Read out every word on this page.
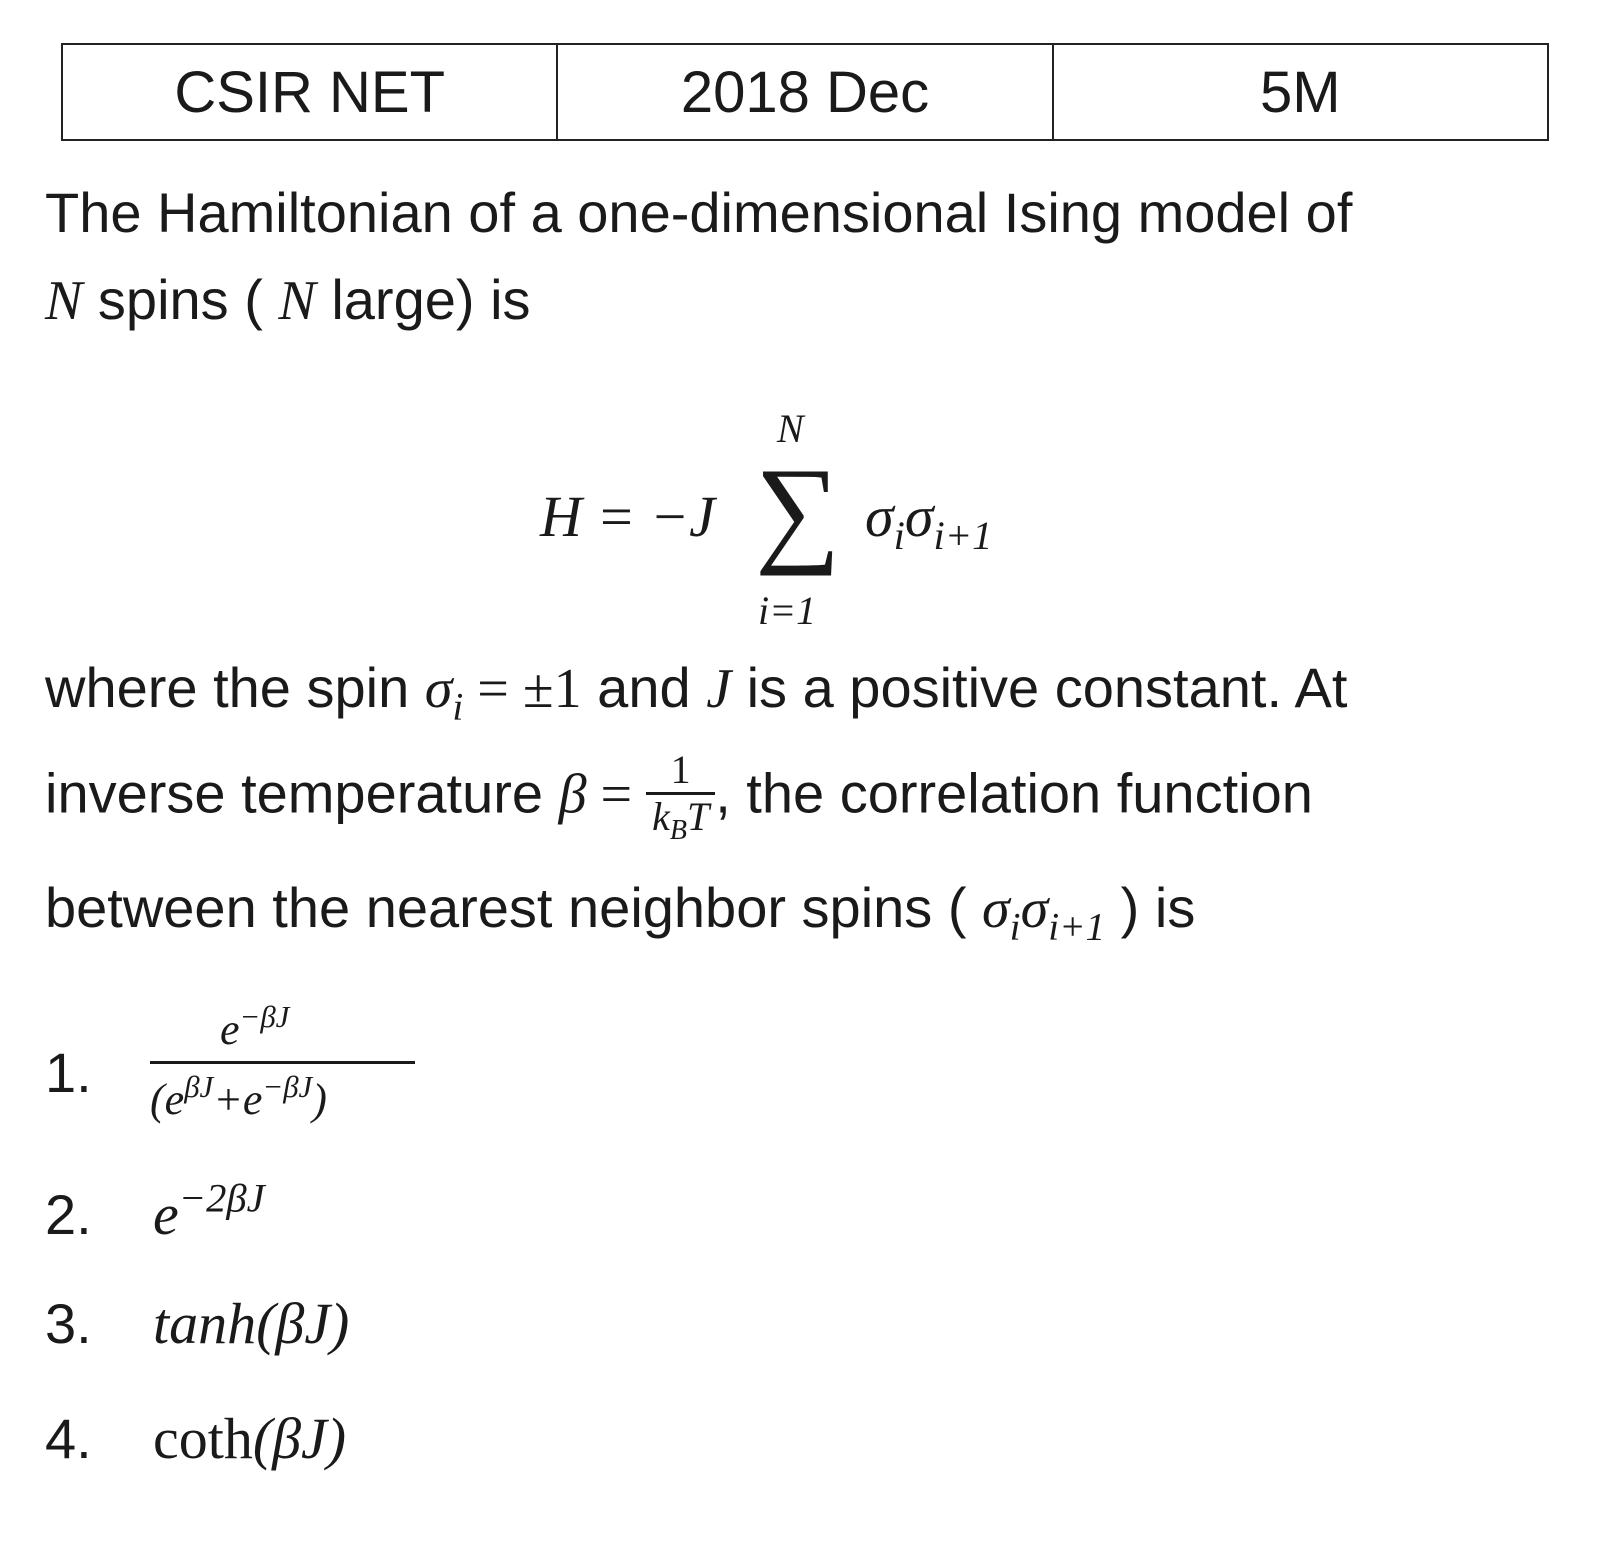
CSIR NET	2018 Dec	5M
The Hamiltonian of a one-dimensional Ising model of
N spins ( N large) is
H = −J
N
∑
i=1
$\sigma_i\sigma_{i+1}$
where the spin $\sigma_i = \pm 1$ and J is a positive constant. At
inverse temperature $\beta = \frac{1}{k_BT}$ , the correlation function
between the nearest neighbor spins ( $\sigma_i\sigma_{i+1}$ ) is
1.
$e^{-\beta J}$
$(e^{\beta J}+e^{-\beta J})$
2. $e^{-2\beta J}$
3. tanh(βJ)
4. coth(βJ)
